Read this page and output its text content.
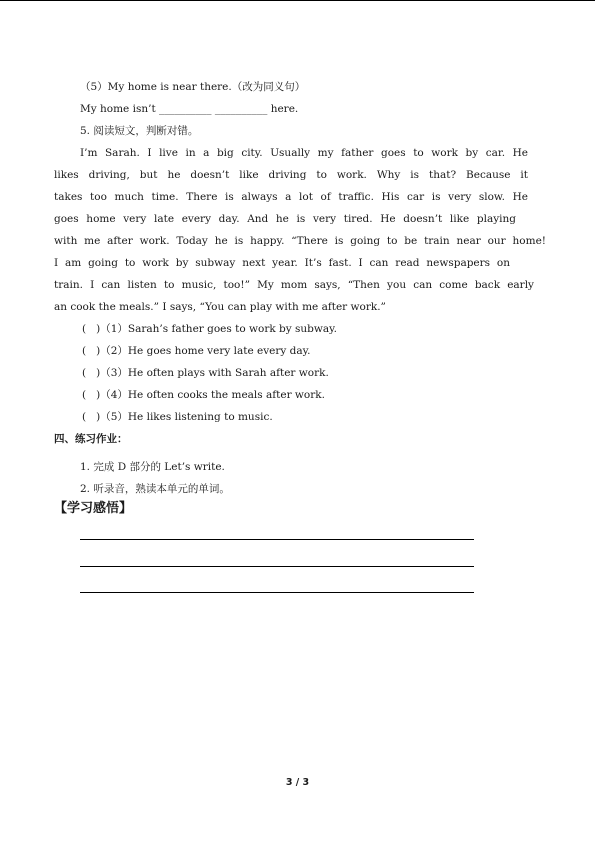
（5）My home is near there.（改为同义句）
My home isn’t __________ __________ here.
5. 阅读短文，判断对错。
I’m Sarah. I live in a big city. Usually my father goes to work by car. He
likes driving, but he doesn’t like driving to work. Why is that? Because it
takes too much time. There is always a lot of traffic. His car is very slow. He
goes home very late every day. And he is very tired. He doesn’t like playing
with me after work. Today he is happy. “There is going to be train near our home!
I am going to work by subway next year. It’s fast. I can read newspapers on
train. I can listen to music, too!” My mom says, “Then you can come back early
an cook the meals.” I says, “You can play with me after work.”
(   )（1）Sarah’s father goes to work by subway.
(   )（2）He goes home very late every day.
(   )（3）He often plays with Sarah after work.
(   )（4）He often cooks the meals after work.
(   )（5）He likes listening to music.
四、练习作业：
1. 完成 D 部分的 Let’s write.
2. 听录音，熟读本单元的单词。
【学习感悟】
3 / 3
